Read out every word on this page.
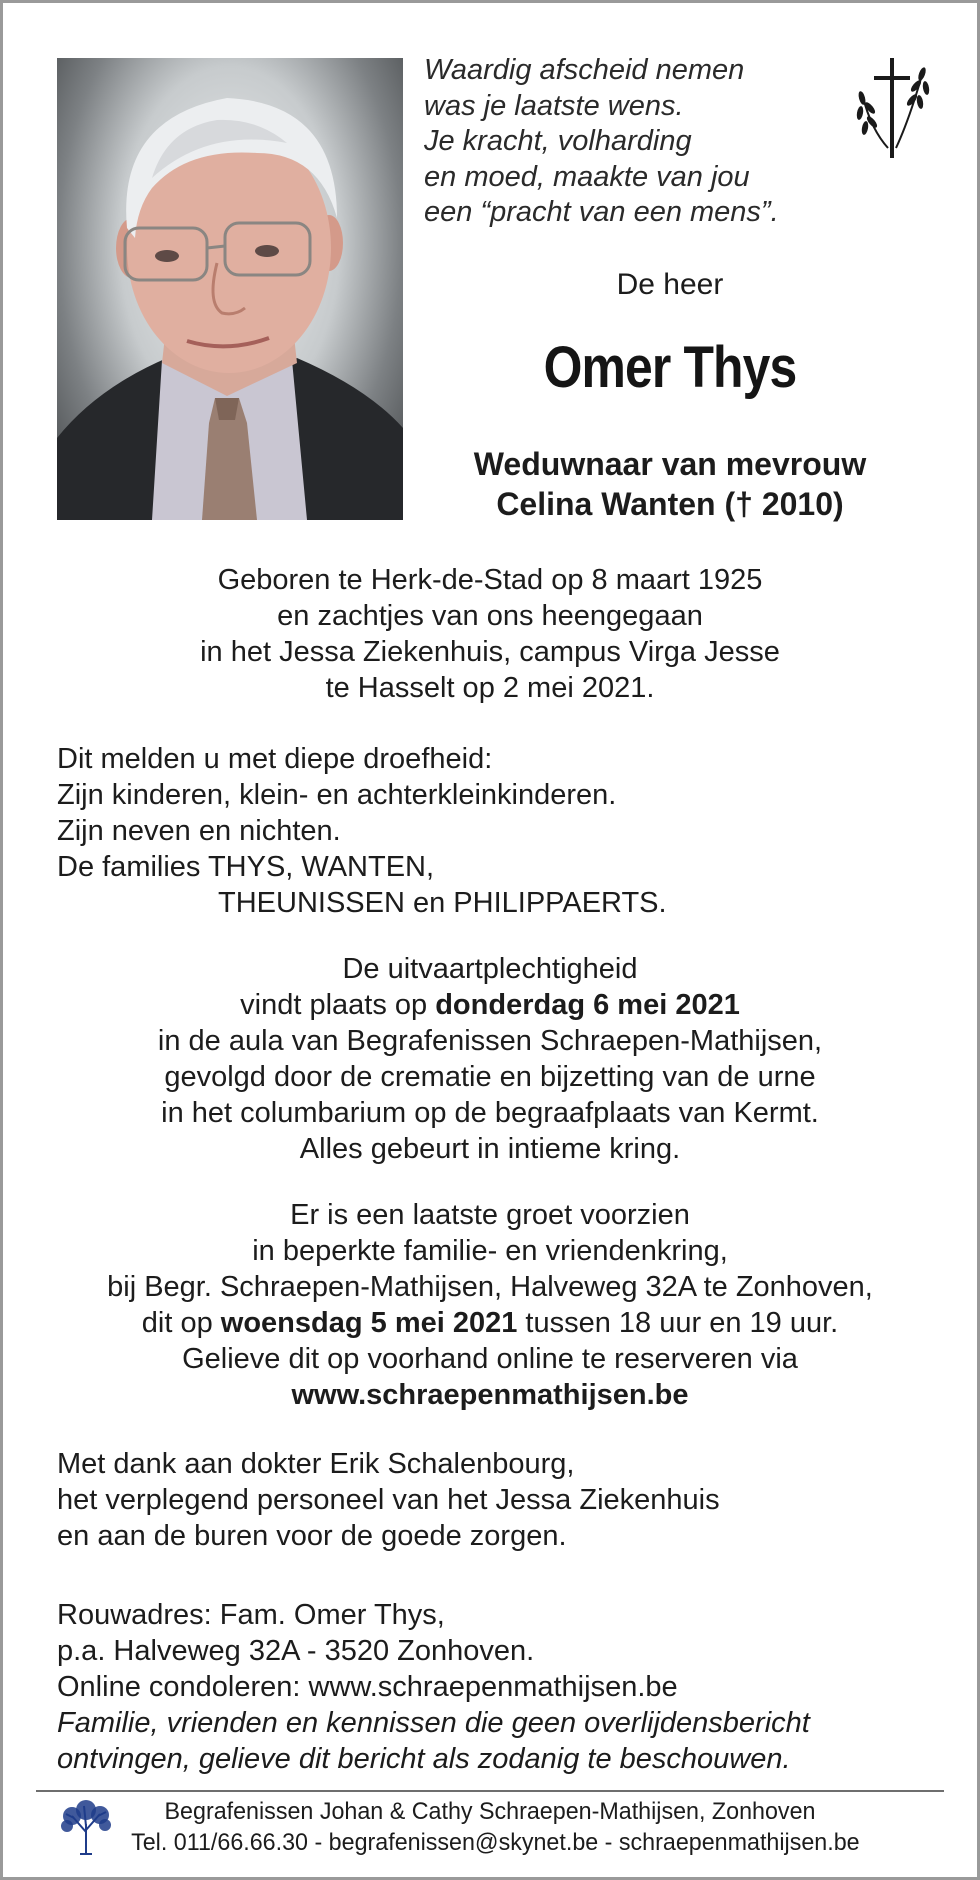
Waardig afscheid nemen
was je laatste wens.
Je kracht, volharding
en moed, maakte van jou
een “pracht van een mens”.
De heer
Omer Thys
Weduwnaar van mevrouw
Celina Wanten († 2010)
Geboren te Herk-de-Stad op 8 maart 1925
en zachtjes van ons heengegaan
in het Jessa Ziekenhuis, campus Virga Jesse
te Hasselt op 2 mei 2021.
Dit melden u met diepe droefheid:
Zijn kinderen, klein- en achterkleinkinderen.
Zijn neven en nichten.
De families THYS, WANTEN,
THEUNISSEN en PHILIPPAERTS.
De uitvaartplechtigheid
vindt plaats op donderdag 6 mei 2021
in de aula van Begrafenissen Schraepen-Mathijsen,
gevolgd door de crematie en bijzetting van de urne
in het columbarium op de begraafplaats van Kermt.
Alles gebeurt in intieme kring.
Er is een laatste groet voorzien
in beperkte familie- en vriendenkring,
bij Begr. Schraepen-Mathijsen, Halveweg 32A te Zonhoven,
dit op woensdag 5 mei 2021 tussen 18 uur en 19 uur.
Gelieve dit op voorhand online te reserveren via
www.schraepenmathijsen.be
Met dank aan dokter Erik Schalenbourg,
het verplegend personeel van het Jessa Ziekenhuis
en aan de buren voor de goede zorgen.
Rouwadres: Fam. Omer Thys,
p.a. Halveweg 32A - 3520 Zonhoven.
Online condoleren: www.schraepenmathijsen.be
Familie, vrienden en kennissen die geen overlijdensbericht
ontvingen, gelieve dit bericht als zodanig te beschouwen.
Begrafenissen Johan & Cathy Schraepen-Mathijsen, Zonhoven
Tel. 011/66.66.30 - begrafenissen@skynet.be - schraepenmathijsen.be
